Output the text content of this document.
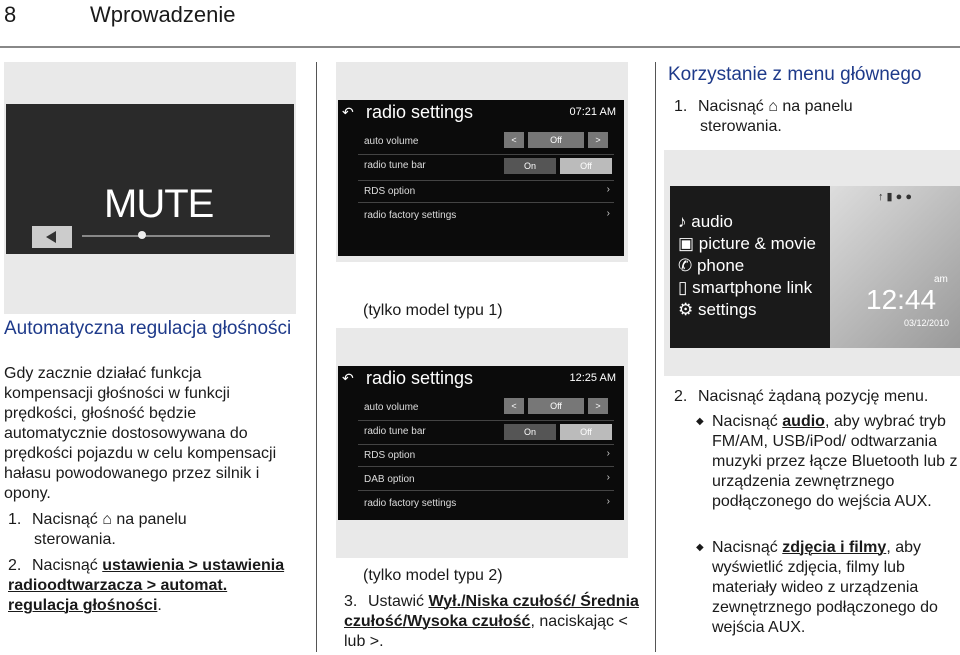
8	Wprowadzenie
MUTE
Automatyczna regulacja głośności
Gdy zacznie działać funkcja kompensacji głośności w funkcji prędkości, głośność będzie automatycznie dostosowywana do prędkości pojazdu w celu kompensacji hałasu powodowanego przez silnik i opony.
1. Nacisnąć ⌂ na panelu
sterowania.
2. Nacisnąć ustawienia > ustawienia radioodtwarzacza > automat. regulacja głośności.
↶ radio settings	07:21 AM
auto volume	<	Off	>
radio tune bar	On	Off
RDS option	›
radio factory settings	›
(tylko model typu 1)
↶ radio settings	12:25 AM
auto volume	<	Off	>
radio tune bar	On	Off
RDS option	›
DAB option	›
radio factory settings	›
(tylko model typu 2)
3. Ustawić Wył./Niska czułość/ Średnia czułość/Wysoka czułość, naciskając < lub >.
Korzystanie z menu głównego
1. Nacisnąć ⌂ na panelu
sterowania.
↑ ▮ ● ●
♪ audio
▣ picture & movie
✆ phone
▯ smartphone link
⚙ settings
am
12:44
03/12/2010
2. Nacisnąć żądaną pozycję menu.
◆ Nacisnąć audio, aby wybrać tryb FM/AM, USB/iPod/ odtwarzania muzyki przez łącze Bluetooth lub z urządzenia zewnętrznego podłączonego do wejścia AUX.
◆ Nacisnąć zdjęcia i filmy, aby wyświetlić zdjęcia, filmy lub materiały wideo z urządzenia zewnętrznego podłączonego do wejścia AUX.
